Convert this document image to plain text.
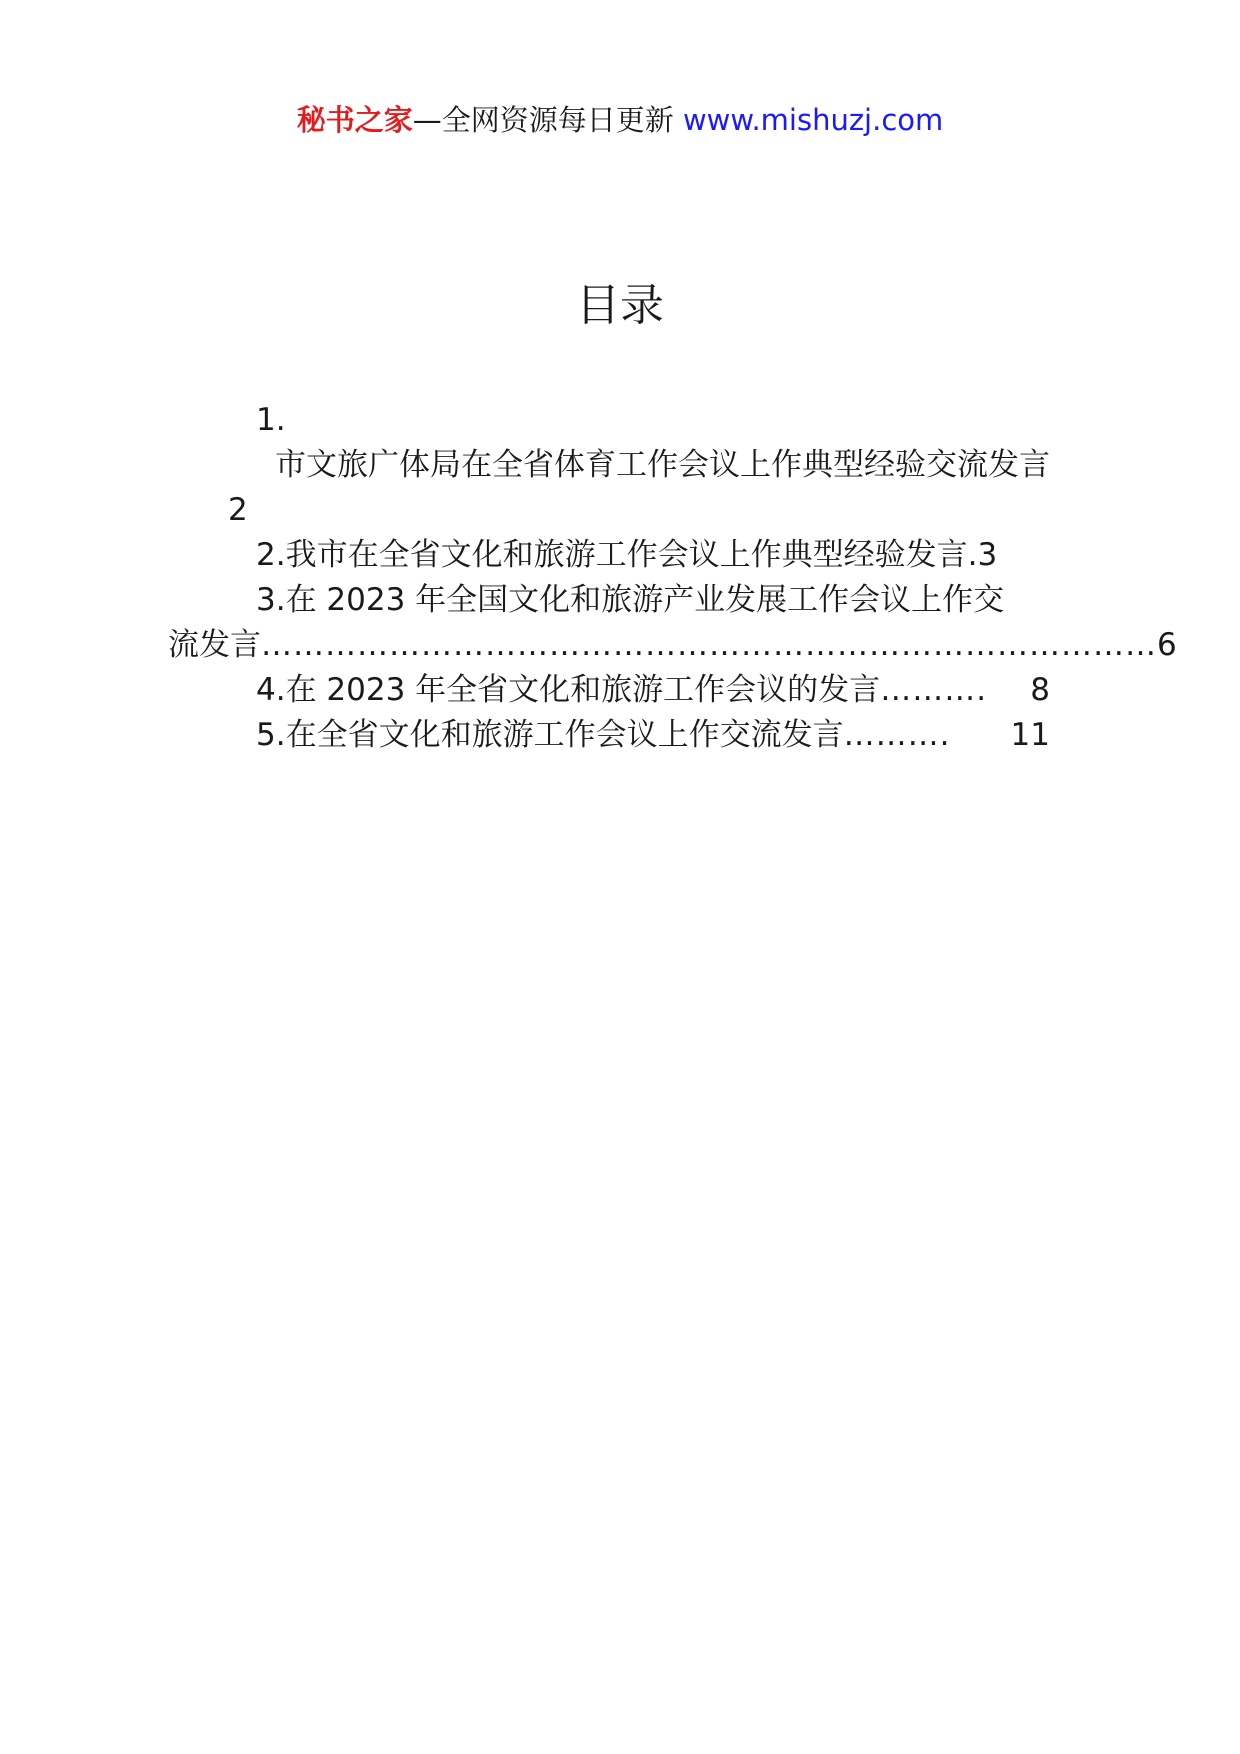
秘书之家—全网资源每日更新 www.mishuzj.com
目录
1.
市文旅广体局在全省体育工作会议上作典型经验交流发言
2
2.我市在全省文化和旅游工作会议上作典型经验发言 . 3
3.在 2023 年全国文化和旅游产业发展工作会议上作交
流发言 ………………………………………………………………………… 6
4.在 2023 年全省文化和旅游工作会议的发言 ……….	8
5.在全省文化和旅游工作会议上作交流发言 ……….	11
